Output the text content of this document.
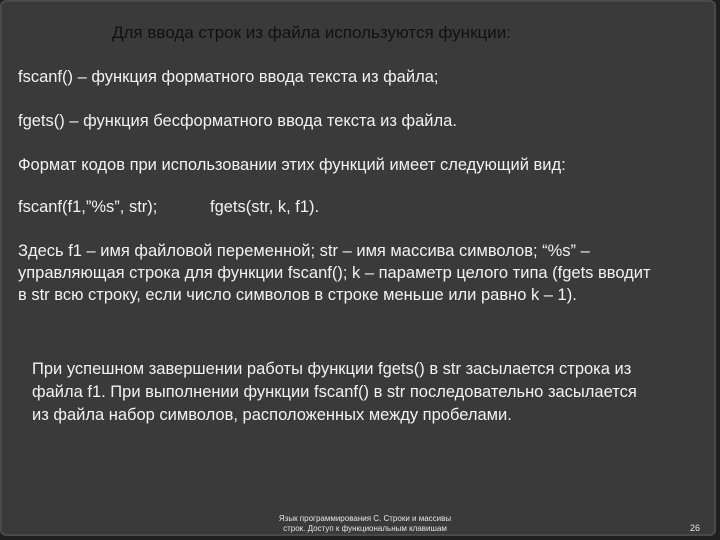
Для ввода строк из файла используются функции:
fscanf() – функция форматного ввода текста из файла;
fgets() – функция бесформатного ввода текста из файла.
Формат кодов при использовании этих функций имеет следующий вид:
fscanf(f1,”%s”, str);	fgets(str, k, f1).
Здесь f1 – имя файловой переменной; str – имя массива символов; “%s” –
управляющая строка для функции fscanf(); k – параметр целого типа (fgets вводит
в str всю строку, если число символов в строке меньше или равно k – 1).
При успешном завершении работы функции fgets() в str засылается строка из
файла f1. При выполнении функции fscanf() в str последовательно засылается
из файла набор символов, расположенных между пробелами.
Язык программирования С. Строки и массивы
строк. Доступ к функциональным клавишам	26
